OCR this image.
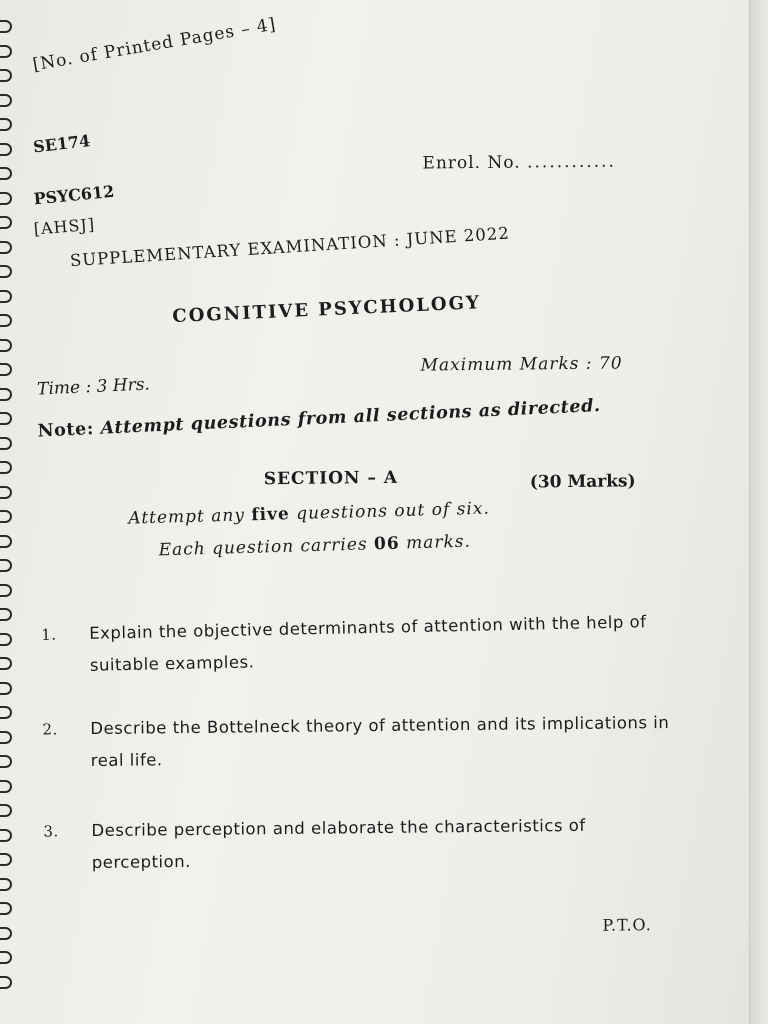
[No. of Printed Pages – 4]
SE174
Enrol. No. ............
PSYC612
[AHSJ]
SUPPLEMENTARY EXAMINATION : JUNE 2022
COGNITIVE PSYCHOLOGY
Time : 3 Hrs.
Maximum Marks : 70
Note: Attempt questions from all sections as directed.
SECTION – A	(30 Marks)
Attempt any five questions out of six.
Each question carries 06 marks.
1. Explain the objective determinants of attention with the help of suitable examples.
2. Describe the Bottelneck theory of attention and its implications in real life.
3. Describe perception and elaborate the characteristics of perception.
P.T.O.
